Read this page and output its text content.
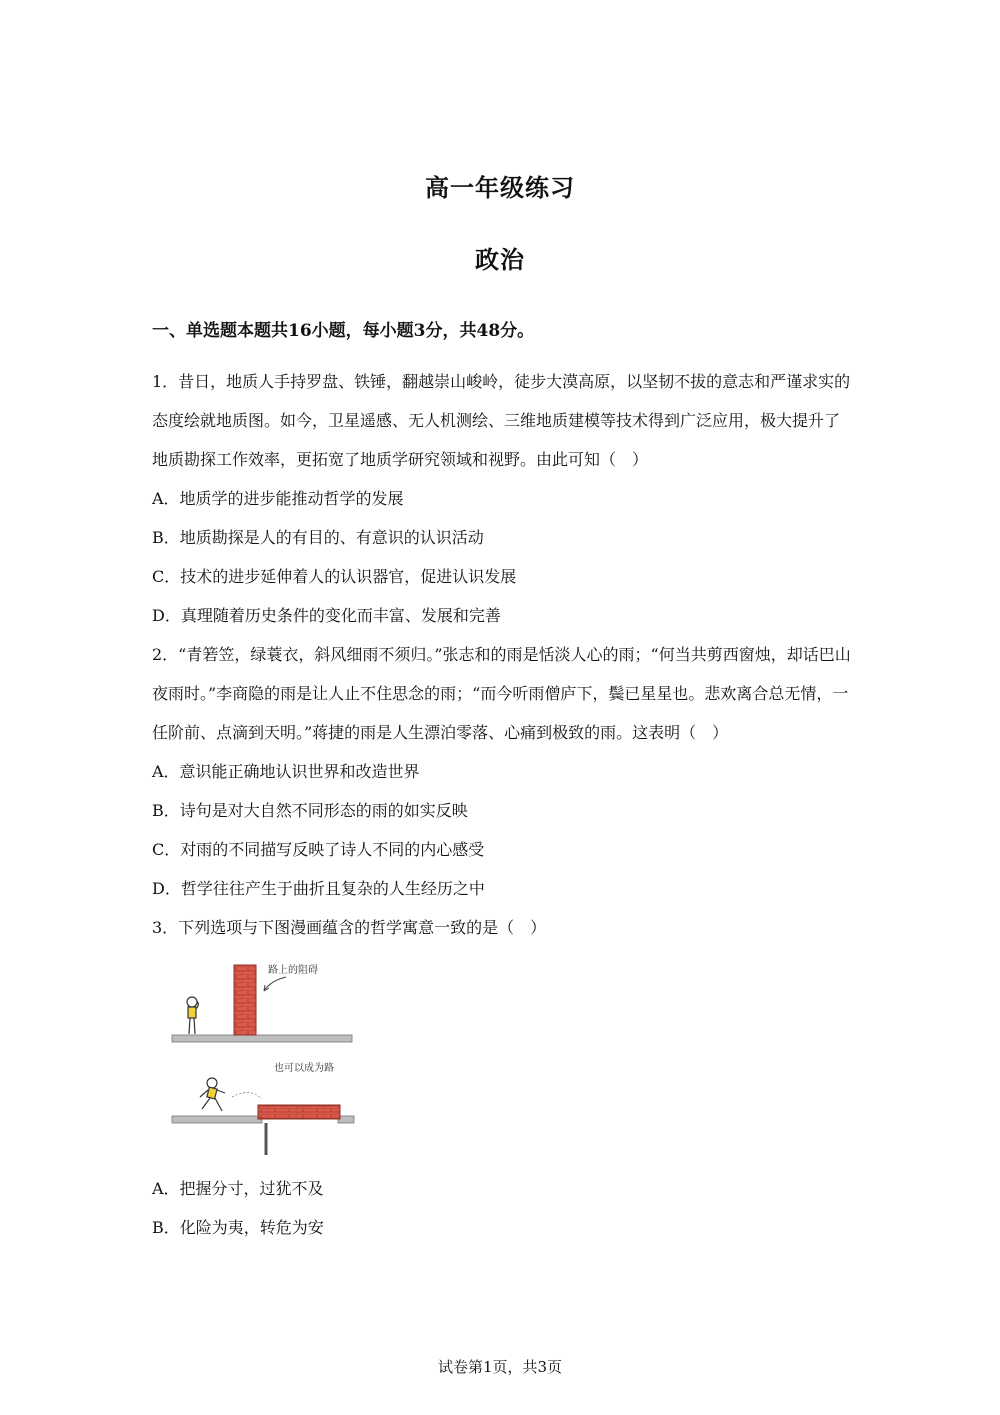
高一年级练习
政治
一、单选题本题共16小题，每小题3分，共48分。

1．昔日，地质人手持罗盘、铁锤，翻越崇山峻岭，徒步大漠高原，以坚韧不拔的意志和严谨求实的态度绘就地质图。如今，卫星遥感、无人机测绘、三维地质建模等技术得到广泛应用，极大提升了地质勘探工作效率，更拓宽了地质学研究领域和视野。由此可知（　）

A．地质学的进步能推动哲学的发展

B．地质勘探是人的有目的、有意识的认识活动

C．技术的进步延伸着人的认识器官，促进认识发展

D．真理随着历史条件的变化而丰富、发展和完善

2．“青箬笠，绿蓑衣，斜风细雨不须归。”张志和的雨是恬淡人心的雨；“何当共剪西窗烛，却话巴山夜雨时。”李商隐的雨是让人止不住思念的雨；“而今听雨僧庐下，鬓已星星也。悲欢离合总无情，一任阶前、点滴到天明。”蒋捷的雨是人生漂泊零落、心痛到极致的雨。这表明（　）

A．意识能正确地认识世界和改造世界

B．诗句是对大自然不同形态的雨的如实反映

C．对雨的不同描写反映了诗人不同的内心感受

D．哲学往往产生于曲折且复杂的人生经历之中

3．下列选项与下图漫画蕴含的哲学寓意一致的是（　）

路上的阻碍
也可以成为路

A．把握分寸，过犹不及

B．化险为夷，转危为安

试卷第1页，共3页
